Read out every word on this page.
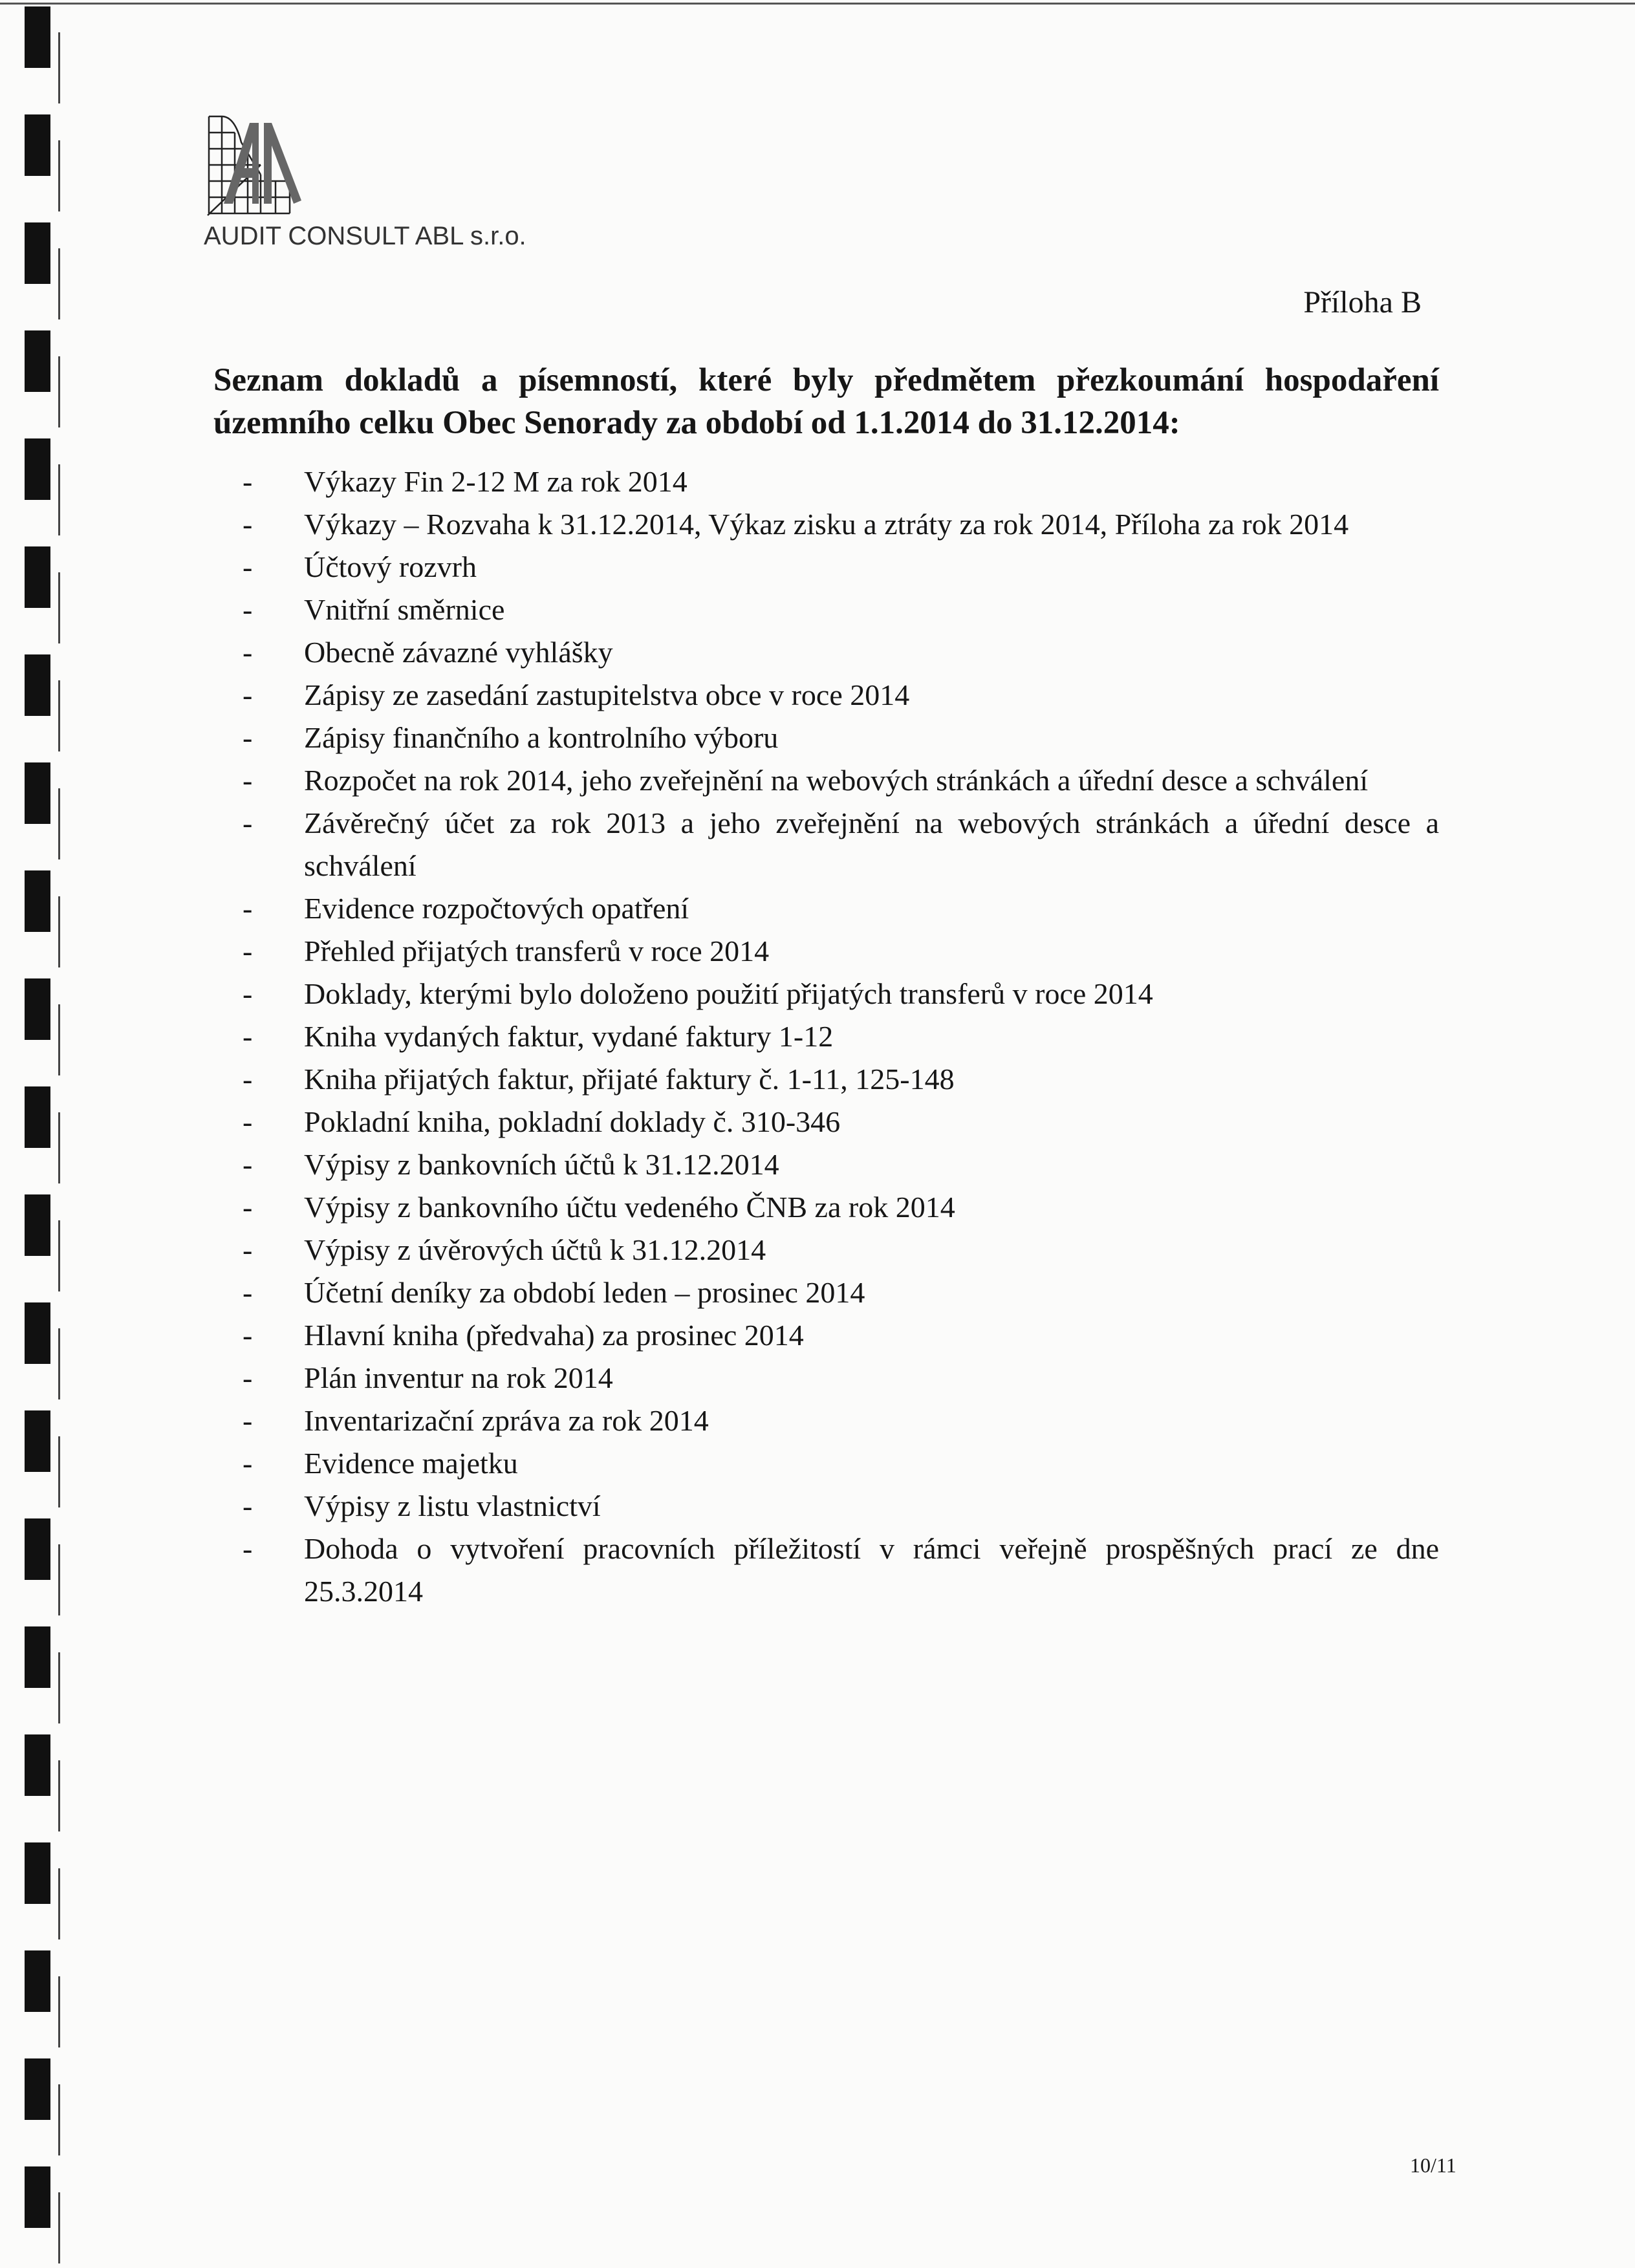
AUDIT CONSULT ABL s.r.o.
Příloha B
Seznam dokladů a písemností, které byly předmětem přezkoumání hospodaření
územního celku Obec Senorady za období od 1.1.2014 do 31.12.2014:
- Výkazy Fin 2-12 M za rok 2014
- Výkazy – Rozvaha k 31.12.2014, Výkaz zisku a ztráty za rok 2014, Příloha za rok 2014
- Účtový rozvrh
- Vnitřní směrnice
- Obecně závazné vyhlášky
- Zápisy ze zasedání zastupitelstva obce v roce 2014
- Zápisy finančního a kontrolního výboru
- Rozpočet na rok 2014, jeho zveřejnění na webových stránkách a úřední desce a schválení
- Závěrečný účet za rok 2013 a jeho zveřejnění na webových stránkách a úřední desce a schválení
- Evidence rozpočtových opatření
- Přehled přijatých transferů v roce 2014
- Doklady, kterými bylo doloženo použití přijatých transferů v roce 2014
- Kniha vydaných faktur, vydané faktury 1-12
- Kniha přijatých faktur, přijaté faktury č. 1-11, 125-148
- Pokladní kniha, pokladní doklady č. 310-346
- Výpisy z bankovních účtů k 31.12.2014
- Výpisy z bankovního účtu vedeného ČNB za rok 2014
- Výpisy z úvěrových účtů k 31.12.2014
- Účetní deníky za období leden – prosinec 2014
- Hlavní kniha (předvaha) za prosinec 2014
- Plán inventur na rok 2014
- Inventarizační zpráva za rok 2014
- Evidence majetku
- Výpisy z listu vlastnictví
- Dohoda o vytvoření pracovních příležitostí v rámci veřejně prospěšných prací ze dne 25.3.2014
10/11
